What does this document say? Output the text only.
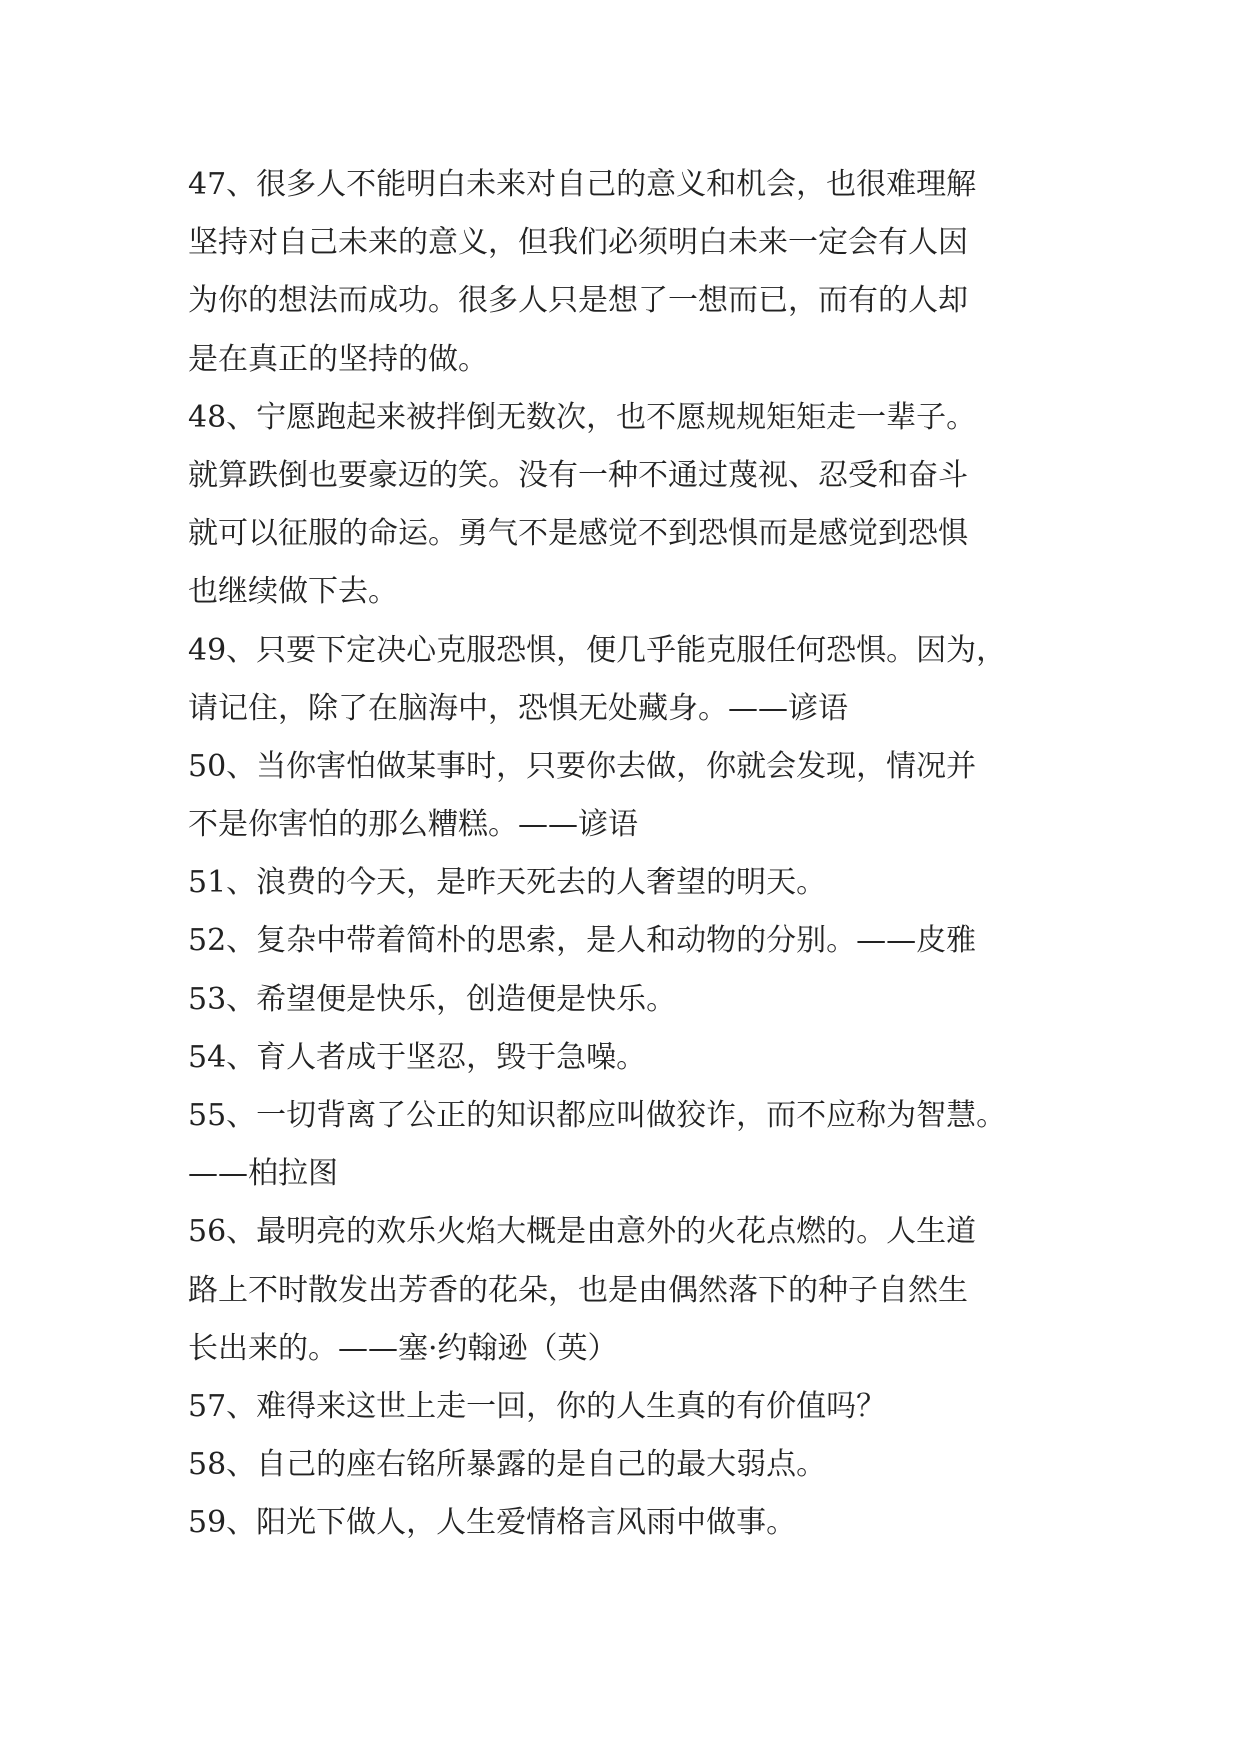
47、很多人不能明白未来对自己的意义和机会，也很难理解
坚持对自己未来的意义，但我们必须明白未来一定会有人因
为你的想法而成功。很多人只是想了一想而已，而有的人却
是在真正的坚持的做。
48、宁愿跑起来被拌倒无数次，也不愿规规矩矩走一辈子。
就算跌倒也要豪迈的笑。没有一种不通过蔑视、忍受和奋斗
就可以征服的命运。勇气不是感觉不到恐惧而是感觉到恐惧
也继续做下去。
49、只要下定决心克服恐惧，便几乎能克服任何恐惧。因为，
请记住，除了在脑海中，恐惧无处藏身。——谚语
50、当你害怕做某事时，只要你去做，你就会发现，情况并
不是你害怕的那么糟糕。——谚语
51、浪费的今天，是昨天死去的人奢望的明天。
52、复杂中带着简朴的思索，是人和动物的分别。——皮雅
53、希望便是快乐，创造便是快乐。
54、育人者成于坚忍，毁于急噪。
55、一切背离了公正的知识都应叫做狡诈，而不应称为智慧。
——柏拉图
56、最明亮的欢乐火焰大概是由意外的火花点燃的。人生道
路上不时散发出芳香的花朵，也是由偶然落下的种子自然生
长出来的。——塞·约翰逊（英）
57、难得来这世上走一回，你的人生真的有价值吗？
58、自己的座右铭所暴露的是自己的最大弱点。
59、阳光下做人，人生爱情格言风雨中做事。
